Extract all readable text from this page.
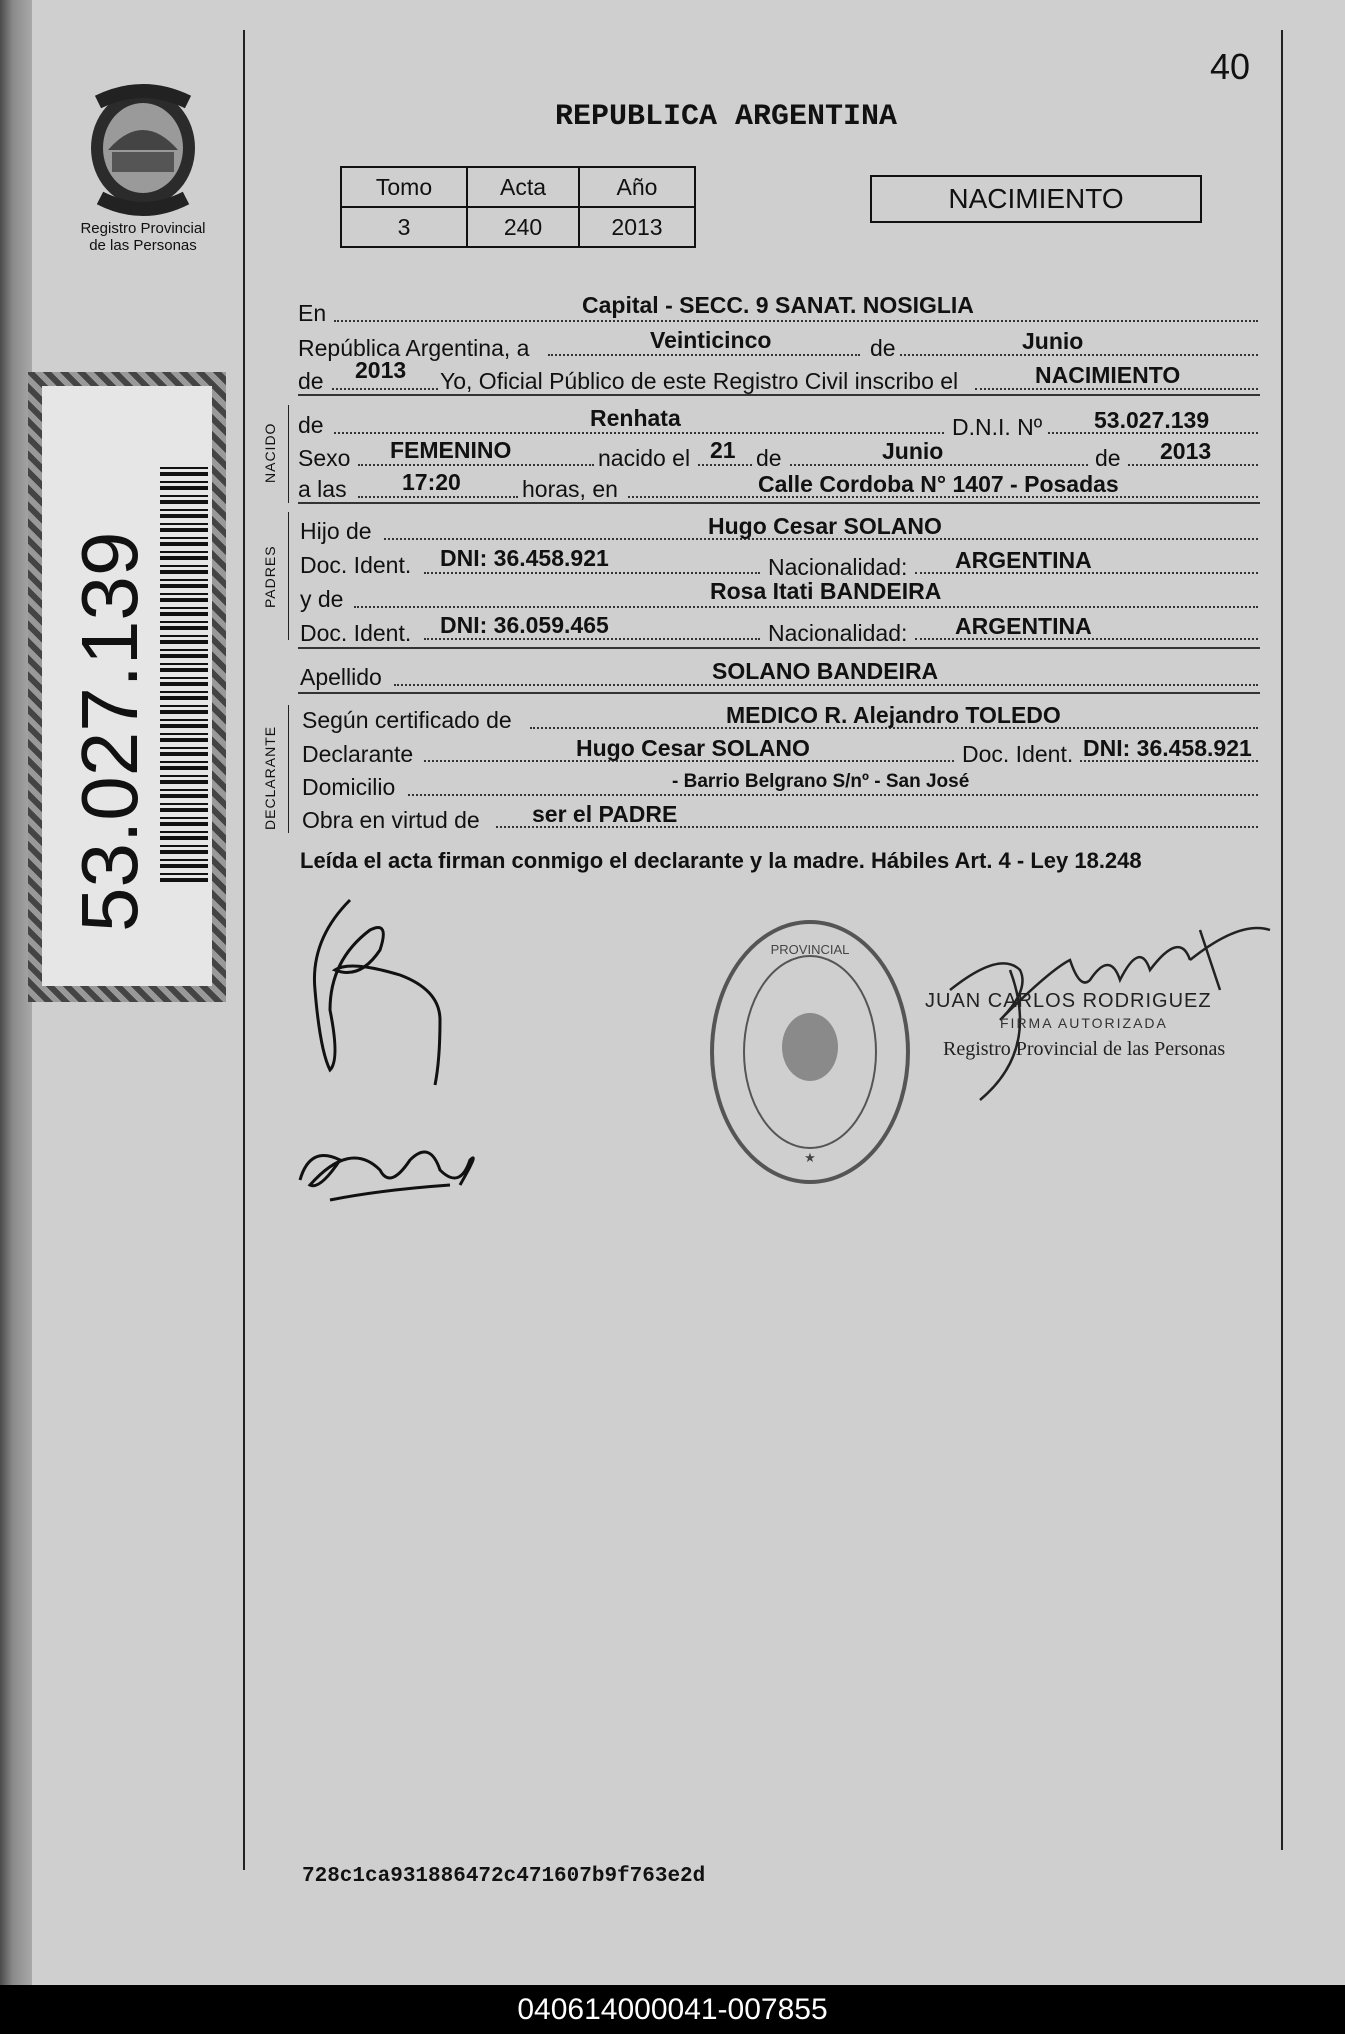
Registro Provincial
de las Personas
53.027.139
40
REPUBLICA ARGENTINA
Tomo	Acta	Año
3	240	2013
NACIMIENTO
En	Capital - SECC. 9 SANAT. NOSIGLIA
República Argentina, a	Veinticinco	de	Junio
de 2013 Yo, Oficial Público de este Registro Civil inscribo el	NACIMIENTO
NACIDO de	Renhata	D.N.I. Nº 53.027.139
Sexo FEMENINO	nacido el 21 de	Junio	de 2013
a las 17:20	horas, en	Calle Cordoba N° 1407 - Posadas
PADRES
Hijo de	Hugo Cesar SOLANO
Doc. Ident. DNI: 36.458.921	Nacionalidad: ARGENTINA
y de	Rosa Itati BANDEIRA
Doc. Ident. DNI: 36.059.465	Nacionalidad: ARGENTINA
Apellido	SOLANO BANDEIRA
DECLARANTE
Según certificado de	MEDICO R. Alejandro TOLEDO
Declarante	Hugo Cesar SOLANO	Doc. Ident. DNI: 36.458.921
Domicilio	- Barrio Belgrano S/nº - San José
Obra en virtud de ser el PADRE
Leída el acta firman conmigo el declarante y la madre. Hábiles Art. 4 - Ley 18.248
PROVINCIAL
★
JUAN CARLOS RODRIGUEZ
FIRMA AUTORIZADA
Registro Provincial de las Personas
728c1ca931886472c471607b9f763e2d
040614000041-007855
